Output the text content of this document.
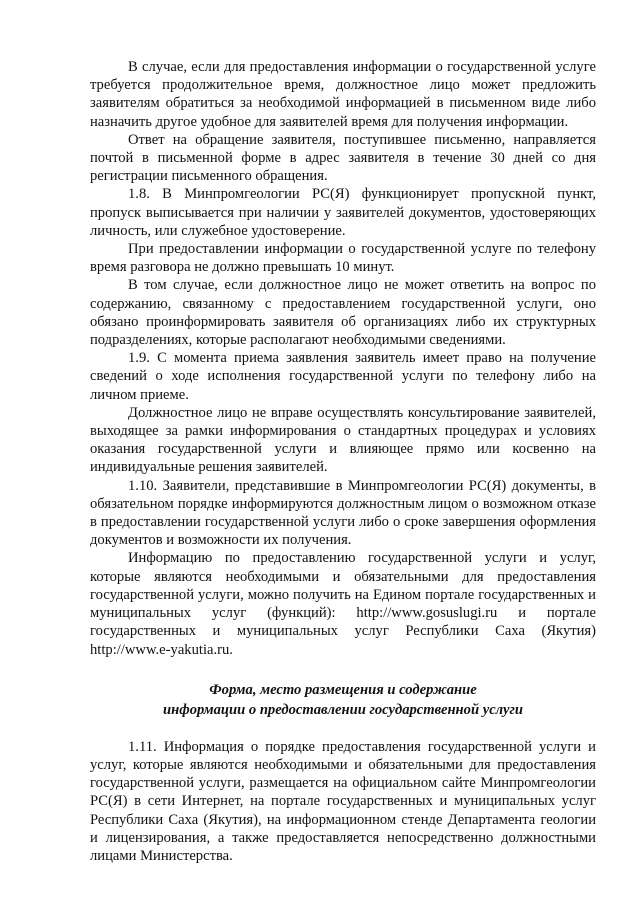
В случае, если для предоставления информации о государственной услуге требуется продолжительное время, должностное лицо может предложить заявителям обратиться за необходимой информацией в письменном виде либо назначить другое удобное для заявителей время для получения информации.

Ответ на обращение заявителя, поступившее письменно, направляется почтой в письменной форме в адрес заявителя в течение 30 дней со дня регистрации письменного обращения.

1.8. В Минпромгеологии РС(Я) функционирует пропускной пункт, пропуск выписывается при наличии у заявителей документов, удостоверяющих личность, или служебное удостоверение.

При предоставлении информации о государственной услуге по телефону время разговора не должно превышать 10 минут.

В том случае, если должностное лицо не может ответить на вопрос по содержанию, связанному с предоставлением государственной услуги, оно обязано проинформировать заявителя об организациях либо их структурных подразделениях, которые располагают необходимыми сведениями.

1.9. С момента приема заявления заявитель имеет право на получение сведений о ходе исполнения государственной услуги по телефону либо на личном приеме.

Должностное лицо не вправе осуществлять консультирование заявителей, выходящее за рамки информирования о стандартных процедурах и условиях оказания государственной услуги и влияющее прямо или косвенно на индивидуальные решения заявителей.

1.10. Заявители, представившие в Минпромгеологии РС(Я) документы, в обязательном порядке информируются должностным лицом о возможном отказе в предоставлении государственной услуги либо о сроке завершения оформления документов и возможности их получения.

Информацию по предоставлению государственной услуги и услуг, которые являются необходимыми и обязательными для предоставления государственной услуги, можно получить на Едином портале государственных и муниципальных услуг (функций): http://www.gosuslugi.ru и портале государственных и муниципальных услуг Республики Саха (Якутия) http://www.e-yakutia.ru.

Форма, место размещения и содержание

информации о предоставлении государственной услуги

1.11. Информация о порядке предоставления государственной услуги и услуг, которые являются необходимыми и обязательными для предоставления государственной услуги, размещается на официальном сайте Минпромгеологии РС(Я) в сети Интернет, на портале государственных и муниципальных услуг Республики Саха (Якутия), на информационном стенде Департамента геологии и лицензирования, а также предоставляется непосредственно должностными лицами Министерства.
